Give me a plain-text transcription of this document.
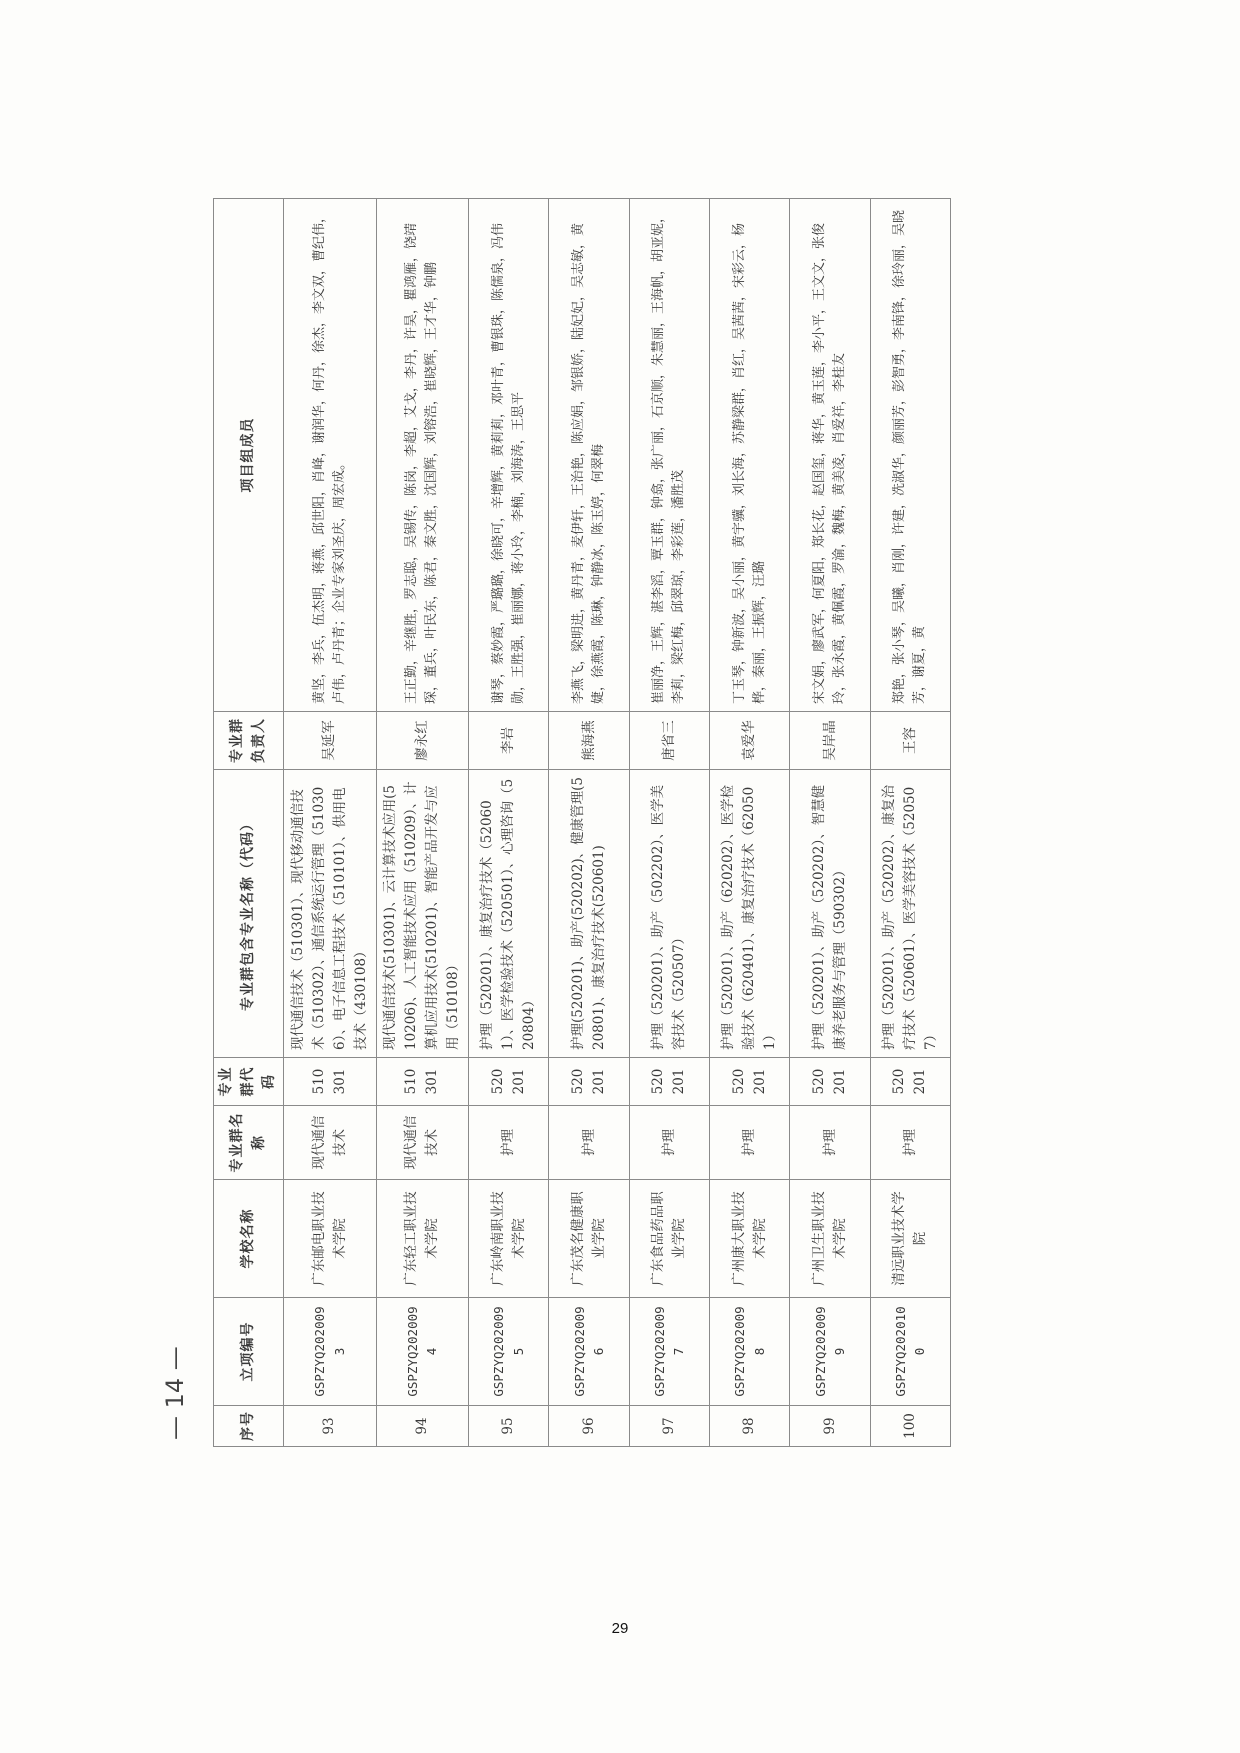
序号	立项编号	学校名称	专业群名称	专业群代码	专业群包含专业名称（代码）	专业群负责人	项目组成员
93	GSPZYQ2020093	广东邮电职业技术学院	现代通信技术	510301	现代通信技术（510301）、现代移动通信技术（510302）、通信系统运行管理（510306）、电子信息工程技术（510101）、供用电技术（430108）	吴延军	黄坚，李兵，伍杰明，蒋燕，邱世阳，肖峰，谢润华，何丹，徐杰，李文双，曹纪伟，卢伟，卢丹青；企业专家刘圣庆，周宏成。
94	GSPZYQ2020094	广东轻工职业技术学院	现代通信技术	510301	现代通信技术(510301)、云计算技术应用(510206)、人工智能技术应用（510209）、计算机应用技术(510201)、智能产品开发与应用（510108）	廖永红	王正勤，辛继胜，罗志聪，吴锡传，陈岗，李超，艾戈，李丹，许昊，瞿鸿雁，饶靖琛，董兵，叶民东，陈君，秦文胜，沈国辉，刘镕浩，崔晓辉，王才华，钟鹏
95	GSPZYQ2020095	广东岭南职业技术学院	护理	520201	护理（520201）、康复治疗技术（520601）、医学检验技术（520501）、心理咨询（520804）	李岩	谢琴，蔡妙霞，严璐璐，徐晓可，辛增辉，黄莉莉，邓叶青，曹银珠，陈儒泉，冯伟勋，王胜强，崔丽娜，蒋小玲，李楠，刘海涛，王思平
96	GSPZYQ2020096	广东茂名健康职业学院	护理	520201	护理(520201)、助产(520202)、健康管理(520801)、康复治疗技术(520601)	熊海燕	李燕飞，梁明进，黄丹青，麦伊轩，王治艳，陈应娟，邹银娇，陆妃妃，吴志敏，黄婕，徐燕霞，陈琳，钟静冰，陈玉婷，何翠梅
97	GSPZYQ2020097	广东食品药品职业学院	护理	520201	护理（520201）、助产（502202）、医学美容技术（520507）	唐省三	崔丽净，王辉，湛李滔，覃玉群，钟翕，张广丽，石京顺，朱慧丽，王海帆，胡亚妮，李莉，梁红梅，邱翠琼，李彩莲，潘胜茂
98	GSPZYQ2020098	广州康大职业技术学院	护理	520201	护理（520201）、助产（620202）、医学检验技术（620401）、康复治疗技术（620501）	袁爱华	丁玉琴，钟新波，吴小丽，黄宇骥，刘长海，苏静梁群，肖红，吴茜茜，宋彩云，杨桦，秦丽，王振辉，汪璐
99	GSPZYQ2020099	广州卫生职业技术学院	护理	520201	护理（520201）、助产（520202）、智慧健康养老服务与管理（590302）	吴岸晶	宋文娟，廖武军，何夏阳，郑长花，赵国玺，蒋华，黄玉莲，李小平，王文文，张俊玲，张永霞，黄佩霞，罗渝，魏梅，黄美凌，肖爱祥，李桂友
100	GSPZYQ2020100	清远职业技术学院	护理	520201	护理（520201）、助产（520202）、康复治疗技术（520601）、医学美容技术（520507）	王容	郑艳，张小琴，吴曦，肖刚，许建，冼淑华，颜丽芳，彭智勇，李南锋，徐玲丽，吴晓芳，谢夏，黄
— 14 —
29
